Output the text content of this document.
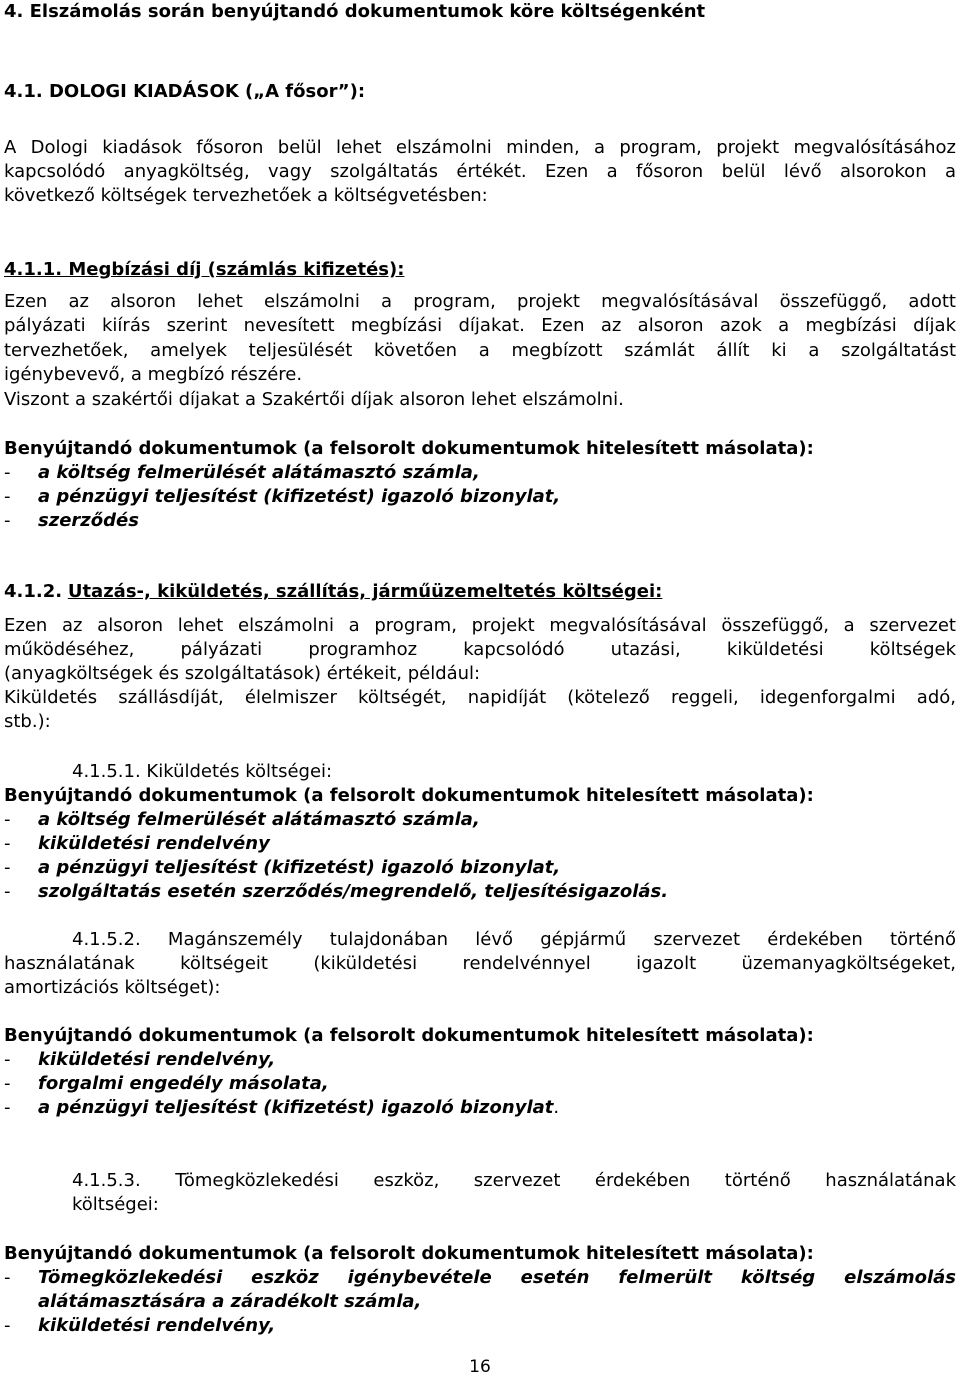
4. Elszámolás során benyújtandó dokumentumok köre költségenként
4.1. DOLOGI KIADÁSOK („A fősor”):
A Dologi kiadások fősoron belül lehet elszámolni minden, a program, projekt megvalósításához
kapcsolódó anyagköltség, vagy szolgáltatás értékét. Ezen a fősoron belül lévő alsorokon a
következő költségek tervezhetőek a költségvetésben:
4.1.1. Megbízási díj (számlás kifizetés):
Ezen az alsoron lehet elszámolni a program, projekt megvalósításával összefüggő, adott
pályázati kiírás szerint nevesített megbízási díjakat. Ezen az alsoron azok a megbízási díjak
tervezhetőek, amelyek teljesülését követően a megbízott számlát állít ki a szolgáltatást
igénybevevő, a megbízó részére.
Viszont a szakértői díjakat a Szakértői díjak alsoron lehet elszámolni.
Benyújtandó dokumentumok (a felsorolt dokumentumok hitelesített másolata):
- a költség felmerülését alátámasztó számla,
- a pénzügyi teljesítést (kifizetést) igazoló bizonylat,
- szerződés
4.1.2. Utazás-, kiküldetés, szállítás, járműüzemeltetés költségei:
Ezen az alsoron lehet elszámolni a program, projekt megvalósításával összefüggő, a szervezet
működéséhez, pályázati programhoz kapcsolódó utazási, kiküldetési költségek
(anyagköltségek és szolgáltatások) értékeit, például:
Kiküldetés szállásdíját, élelmiszer költségét, napidíját (kötelező reggeli, idegenforgalmi adó,
stb.):
4.1.5.1. Kiküldetés költségei:
Benyújtandó dokumentumok (a felsorolt dokumentumok hitelesített másolata):
- a költség felmerülését alátámasztó számla,
- kiküldetési rendelvény
- a pénzügyi teljesítést (kifizetést) igazoló bizonylat,
- szolgáltatás esetén szerződés/megrendelő, teljesítésigazolás.
4.1.5.2. Magánszemély tulajdonában lévő gépjármű szervezet érdekében történő
használatának költségeit (kiküldetési rendelvénnyel igazolt üzemanyagköltségeket,
amortizációs költséget):
Benyújtandó dokumentumok (a felsorolt dokumentumok hitelesített másolata):
- kiküldetési rendelvény,
- forgalmi engedély másolata,
- a pénzügyi teljesítést (kifizetést) igazoló bizonylat.
4.1.5.3. Tömegközlekedési eszköz, szervezet érdekében történő használatának
költségei:
Benyújtandó dokumentumok (a felsorolt dokumentumok hitelesített másolata):
- Tömegközlekedési eszköz igénybevétele esetén felmerült költség elszámolás
alátámasztására a záradékolt számla,
- kiküldetési rendelvény,
16
